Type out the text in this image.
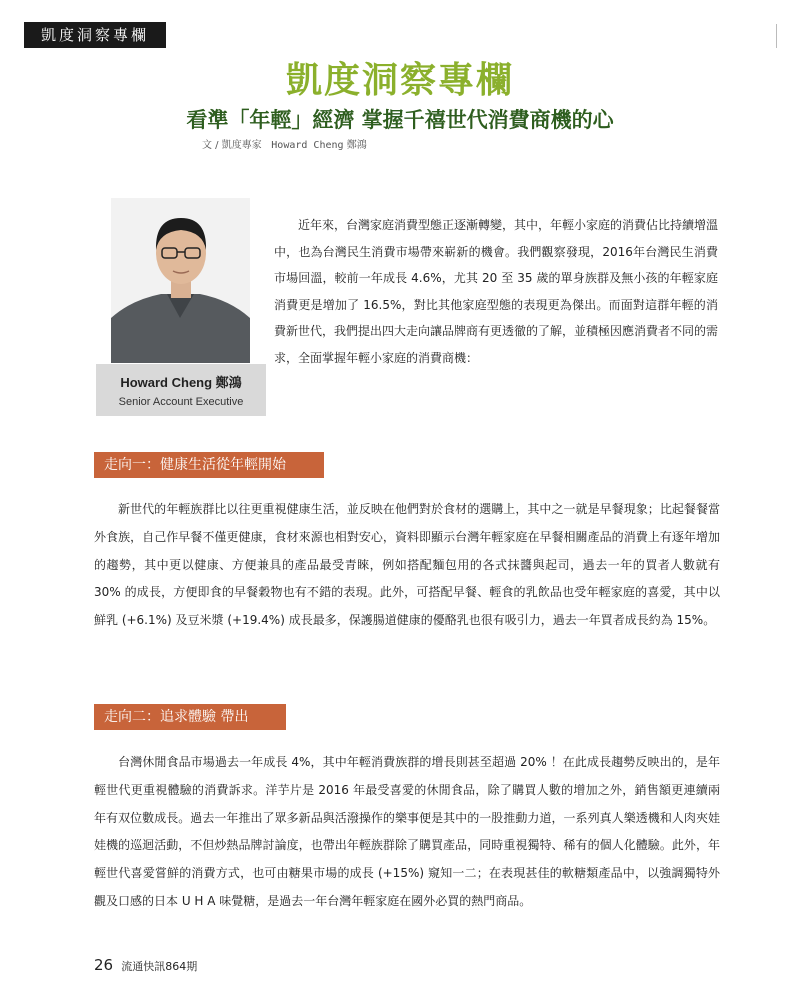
凱度洞察專欄
凱度洞察專欄
看準「年輕」經濟 掌握千禧世代消費商機的心
文 / 凱度專家 Howard Cheng 鄭鴻
Howard Cheng 鄭鴻
Senior Account Executive

近年來，台灣家庭消費型態正逐漸轉變，其中，年輕小家庭的消費佔比持續增溫中，也為台灣民生消費市場帶來嶄新的機會。我們觀察發現，2016年台灣民生消費市場回溫，較前一年成長 4.6%，尤其 20 至 35 歲的單身族群及無小孩的年輕家庭消費更是增加了 16.5%，對比其他家庭型態的表現更為傑出。而面對這群年輕的消費新世代，我們提出四大走向讓品牌商有更透徹的了解，並積極因應消費者不同的需求，全面掌握年輕小家庭的消費商機：

走向一：健康生活從年輕開始

新世代的年輕族群比以往更重視健康生活，並反映在他們對於食材的選購上，其中之一就是早餐現象；比起餐餐當外食族，自己作早餐不僅更健康，食材來源也相對安心，資料即顯示台灣年輕家庭在早餐相關產品的消費上有逐年增加的趨勢，其中更以健康、方便兼具的產品最受青睞，例如搭配麵包用的各式抹醬與起司，過去一年的買者人數就有 30% 的成長，方便即食的早餐穀物也有不錯的表現。此外，可搭配早餐、輕食的乳飲品也受年輕家庭的喜愛，其中以鮮乳 (+6.1%) 及豆米漿 (+19.4%) 成長最多，保護腸道健康的優酪乳也很有吸引力，過去一年買者成長約為 15%。

走向二：追求體驗 帶出

台灣休閒食品市場過去一年成長 4%，其中年輕消費族群的增長則甚至超過 20% ！在此成長趨勢反映出的，是年輕世代更重視體驗的消費訴求。洋芋片是 2016 年最受喜愛的休閒食品，除了購買人數的增加之外，銷售額更連續兩年有双位數成長。過去一年推出了眾多新品與活潑操作的樂事便是其中的一股推動力道，一系列真人樂透機和人肉夾娃娃機的巡迴活動，不但炒熱品牌討論度，也帶出年輕族群除了購買產品，同時重視獨特、稀有的個人化體驗。此外，年輕世代喜愛嘗鮮的消費方式，也可由糖果市場的成長 (+15%) 窺知一二；在表現甚佳的軟糖類產品中，以強調獨特外觀及口感的日本 U H A 味覺糖，是過去一年台灣年輕家庭在國外必買的熱門商品。

26 流通快訊864期
